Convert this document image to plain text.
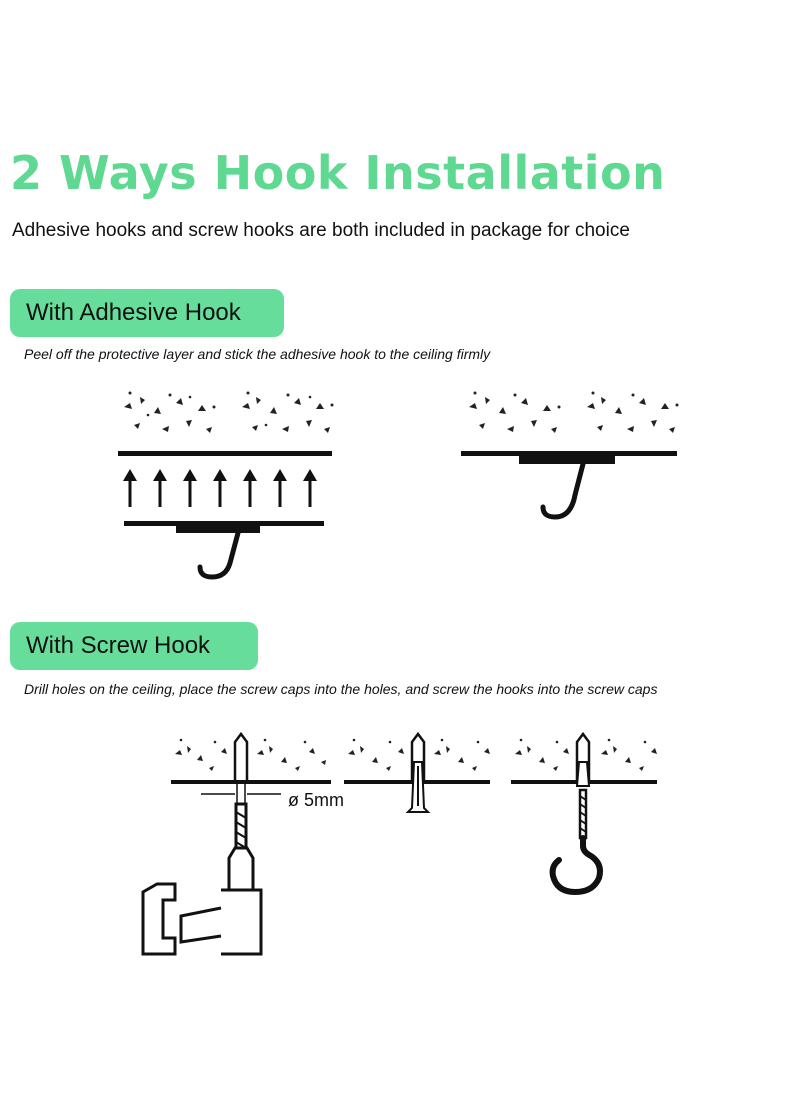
2 Ways Hook Installation

Adhesive hooks and screw hooks are both included in package for choice

With Adhesive Hook

Peel off the protective layer and stick the adhesive hook to the ceiling firmly

With Screw Hook

Drill holes on the ceiling, place the screw caps into the holes, and screw the hooks into the screw caps

ø 5mm
